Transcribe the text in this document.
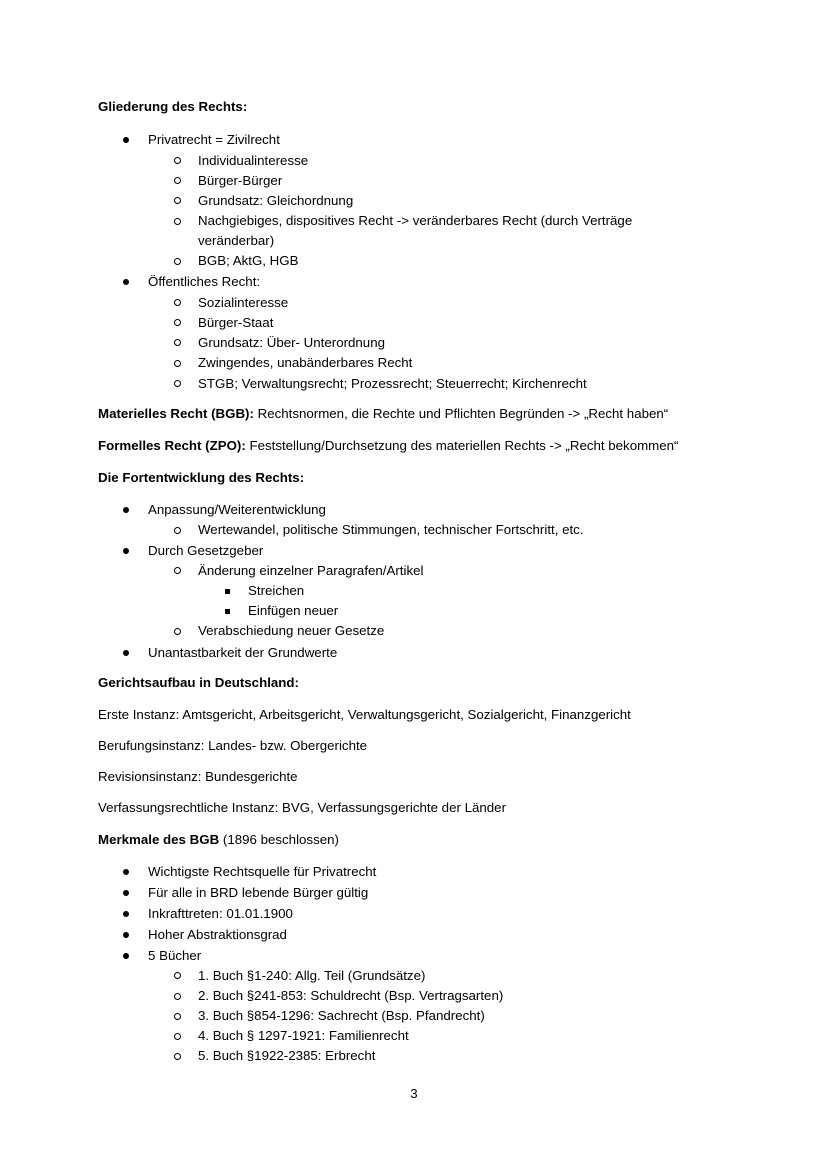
Gliederung des Rechts:
Privatrecht = Zivilrecht
Individualinteresse
Bürger-Bürger
Grundsatz: Gleichordnung
Nachgiebiges, dispositives Recht -> veränderbares Recht (durch Verträge
veränderbar)
BGB; AktG, HGB
Öffentliches Recht:
Sozialinteresse
Bürger-Staat
Grundsatz: Über- Unterordnung
Zwingendes, unabänderbares Recht
STGB; Verwaltungsrecht; Prozessrecht; Steuerrecht; Kirchenrecht
Materielles Recht (BGB): Rechtsnormen, die Rechte und Pflichten Begründen -> „Recht haben“
Formelles Recht (ZPO): Feststellung/Durchsetzung des materiellen Rechts -> „Recht bekommen“
Die Fortentwicklung des Rechts:
Anpassung/Weiterentwicklung
Wertewandel, politische Stimmungen, technischer Fortschritt, etc.
Durch Gesetzgeber
Änderung einzelner Paragrafen/Artikel
Streichen
Einfügen neuer
Verabschiedung neuer Gesetze
Unantastbarkeit der Grundwerte
Gerichtsaufbau in Deutschland:
Erste Instanz: Amtsgericht, Arbeitsgericht, Verwaltungsgericht, Sozialgericht, Finanzgericht
Berufungsinstanz: Landes- bzw. Obergerichte
Revisionsinstanz: Bundesgerichte
Verfassungsrechtliche Instanz: BVG, Verfassungsgerichte der Länder
Merkmale des BGB (1896 beschlossen)
Wichtigste Rechtsquelle für Privatrecht
Für alle in BRD lebende Bürger gültig
Inkrafttreten: 01.01.1900
Hoher Abstraktionsgrad
5 Bücher
1. Buch §1-240: Allg. Teil (Grundsätze)
2. Buch §241-853: Schuldrecht (Bsp. Vertragsarten)
3. Buch §854-1296: Sachrecht (Bsp. Pfandrecht)
4. Buch § 1297-1921: Familienrecht
5. Buch §1922-2385: Erbrecht
3
